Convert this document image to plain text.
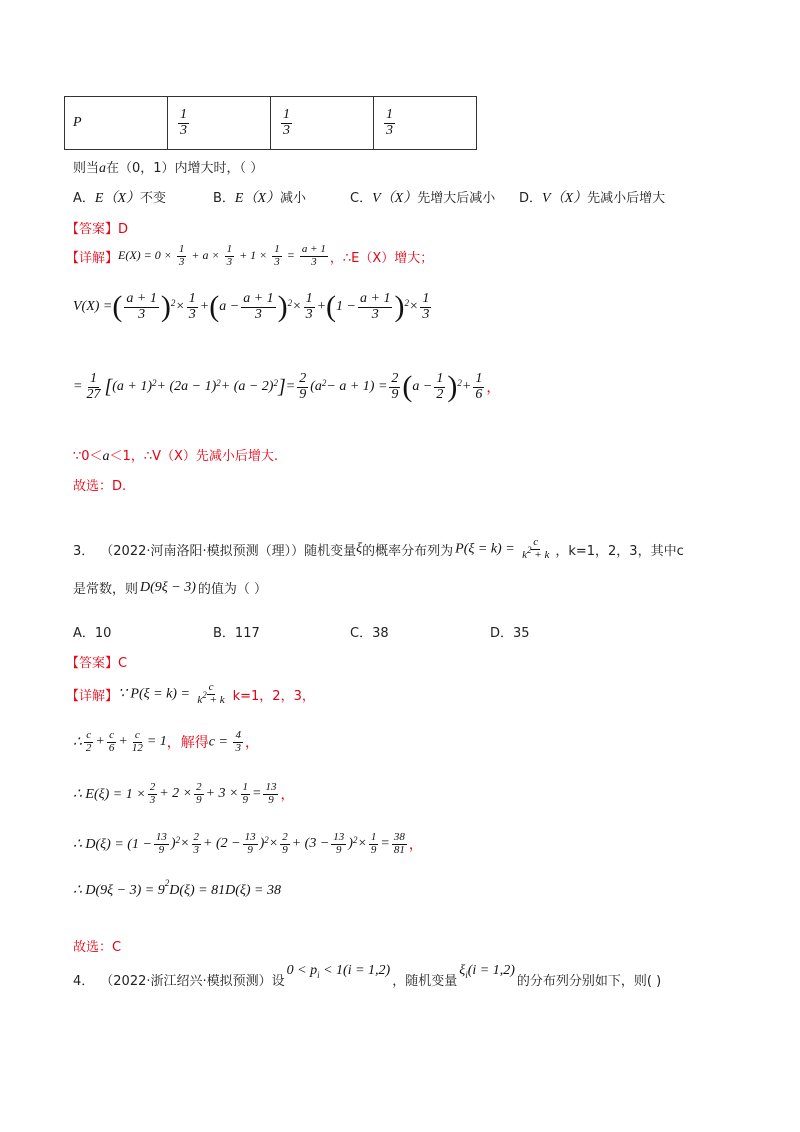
P	$\frac{1}{3}$	$\frac{1}{3}$	$\frac{1}{3}$
则当a在（0，1）内增大时，（ ）
A．E（X）不变	B．E（X）减小	C．V（X）先增大后减小 D．V（X）先减小后增大
【答案】D
【详解】 $E(X) = 0 \times \frac{1}{3} + a \times \frac{1}{3} + 1 \times \frac{1}{3} = \frac{a + 1}{3}$ ，∴E（X）增大；
V(X) = ( $\frac{a + 1}{3}$ ) $2 \times \frac{1}{3}$ + ( $a - \frac{a + 1}{3}$ ) $2 \times \frac{1}{3}$ + ( $1 - \frac{a + 1}{3}$ ) $2 \times \frac{1}{3}$
= $\frac{1}{27}$ [ (a + 1) 2 + (2a − 1) 2 + (a − 2) 2 ] = $\frac{2}{9} (a$ $2 - a + 1) = \frac{2}{9}$ ( $a - \frac{1}{2}$ ) $2 + \frac{1}{6}$ ，
∵0＜a＜1，∴V（X）先减小后增大.
故选：D.
3． （2022·河南洛阳·模拟预测（理））随机变量 ξ 的概率分布列为 $P(\xi = k) = \frac{c}{k^2 + k}$ ，k=1，2，3，其中c
是常数，则 D(9ξ − 3) 的值为（ ）
A．10	B．117	C．38	D．35
【答案】C
【详解】 ∵ $P(\xi = k) = \frac{c}{k^2 + k} k=1$，2，3，
∴ $\frac{c}{2} + \frac{c}{6} + \frac{c}{12} = 1$ ，解得 $c = \frac{4}{3}$ ，
∴ $E(\xi) = 1 \times \frac{2}{3} + 2 \times \frac{2}{9} + 3 \times \frac{1}{9} = \frac{13}{9}$ ，
∴ $D(\xi) = (1 - \frac{13}{9}$ ) $2 \times \frac{2}{3} + (2 - \frac{13}{9}$ ) $2 \times \frac{2}{9} + (3 - \frac{13}{9}$ ) $2 \times \frac{1}{9} = \frac{38}{81}$ ，
∴ $D(9\xi - 3) = 9^2D(\xi) = 81D(\xi) = 38$
故选：C
4． （2022·浙江绍兴·模拟预测）设
$0 < p_i < 1(i = 1,2)$
，随机变量
$\xi_i(i = 1,2)$
的分布列分别如下，则( )
